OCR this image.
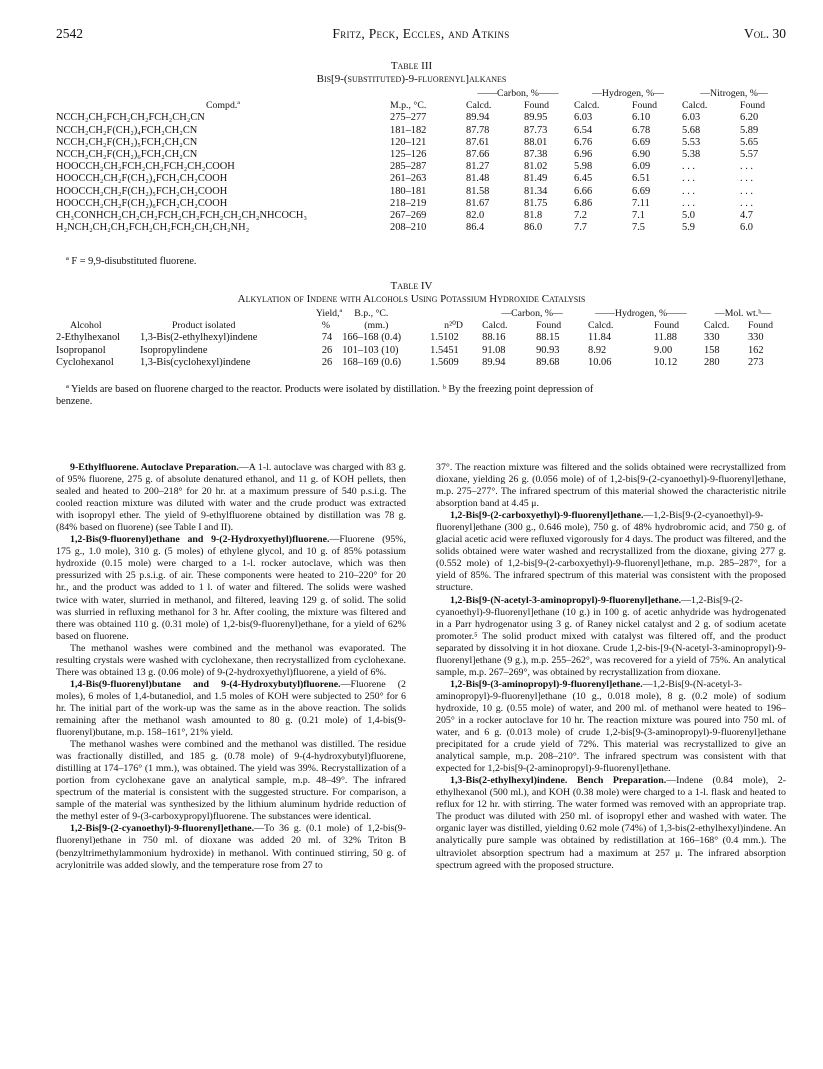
2542	Fritz, Peck, Eccles, and Atkins	Vol. 30
Table III
Bis[9-(substituted)-9-fluorenyl]alkanes
		——Carbon, %——		—Hydrogen, %—		—Nitrogen, %—	
Compd.ª	M.p., °C.	Calcd.	Found	Calcd.	Found	Calcd.	Found
NCCH₂CH₂FCH₂CH₂FCH₂CH₂CN	275–277	89.94	89.95	6.03	6.10	6.03	6.20
NCCH₂CH₂F(CH₂)₄FCH₂CH₂CN	181–182	87.78	87.73	6.54	6.78	5.68	5.89
NCCH₂CH₂F(CH₂)₅FCH₂CH₂CN	120–121	87.61	88.01	6.76	6.69	5.53	5.65
NCCH₂CH₂F(CH₂)₆FCH₂CH₂CN	125–126	87.66	87.38	6.96	6.90	5.38	5.57
HOOCCH₂CH₂FCH₂CH₂FCH₂CH₂COOH	285–287	81.27	81.02	5.98	6.09	. . .	. . .
HOOCCH₂CH₂F(CH₂)₄FCH₂CH₂COOH	261–263	81.48	81.49	6.45	6.51	. . .	. . .
HOOCCH₂CH₂F(CH₂)₅FCH₂CH₂COOH	180–181	81.58	81.34	6.66	6.69	. . .	. . .
HOOCCH₂CH₂F(CH₂)₆FCH₂CH₂COOH	218–219	81.67	81.75	6.86	7.11	. . .	. . .
CH₃CONHCH₂CH₂CH₂FCH₂CH₂FCH₂CH₂CH₂NHCOCH₃	267–269	82.0	81.8	7.2	7.1	5.0	4.7
H₂NCH₂CH₂CH₂FCH₂CH₂FCH₂CH₂CH₂NH₂	208–210	86.4	86.0	7.7	7.5	5.9	6.0
ª F = 9,9-disubstituted fluorene.
Table IV
Alkylation of Indene with Alcohols Using Potassium Hydroxide Catalysis
		Yield,ª	B.p., °C.		—Carbon, %—		——Hydrogen, %——		—Mol. wt.ᵇ—	
Alcohol	Product isolated	%	(mm.)	n²⁰D	Calcd.	Found	Calcd.	Found	Calcd.	Found
2-Ethylhexanol	1,3-Bis(2-ethylhexyl)indene	74	166–168 (0.4)	1.5102	88.16	88.15	11.84	11.88	330	330
Isopropanol	Isopropylindene	26	101–103 (10)	1.5451	91.08	90.93	8.92	9.00	158	162
Cyclohexanol	1,3-Bis(cyclohexyl)indene	26	168–169 (0.6)	1.5609	89.94	89.68	10.06	10.12	280	273
ª Yields are based on fluorene charged to the reactor. Products were isolated by distillation. ᵇ By the freezing point depression of
benzene.

9-Ethylfluorene. Autoclave Preparation.—A 1-l. autoclave was charged with 83 g. of 95% fluorene, 275 g. of absolute denatured ethanol, and 11 g. of KOH pellets, then sealed and heated to 200–218° for 20 hr. at a maximum pressure of 540 p.s.i.g. The cooled reaction mixture was diluted with water and the crude product was extracted with isopropyl ether. The yield of 9-ethylfluorene obtained by distillation was 78 g. (84% based on fluorene) (see Table I and II).

1,2-Bis(9-fluorenyl)ethane and 9-(2-Hydroxyethyl)fluorene.—Fluorene (95%, 175 g., 1.0 mole), 310 g. (5 moles) of ethylene glycol, and 10 g. of 85% potassium hydroxide (0.15 mole) were charged to a 1-l. rocker autoclave, which was then pressurized with 25 p.s.i.g. of air. These components were heated to 210–220° for 20 hr., and the product was added to 1 l. of water and filtered. The solids were washed twice with water, slurried in methanol, and filtered, leaving 129 g. of solid. The solid was slurried in refluxing methanol for 3 hr. After cooling, the mixture was filtered and there was obtained 110 g. (0.31 mole) of 1,2-bis(9-fluorenyl)ethane, for a yield of 62% based on fluorene.

The methanol washes were combined and the methanol was evaporated. The resulting crystals were washed with cyclohexane, then recrystallized from cyclohexane. There was obtained 13 g. (0.06 mole) of 9-(2-hydroxyethyl)fluorene, a yield of 6%.

1,4-Bis(9-fluorenyl)butane and 9-(4-Hydroxybutyl)fluorene.—Fluorene (2 moles), 6 moles of 1,4-butanediol, and 1.5 moles of KOH were subjected to 250° for 6 hr. The initial part of the work-up was the same as in the above reaction. The solids remaining after the methanol wash amounted to 80 g. (0.21 mole) of 1,4-bis(9-fluorenyl)butane, m.p. 158–161°, 21% yield.

The methanol washes were combined and the methanol was distilled. The residue was fractionally distilled, and 185 g. (0.78 mole) of 9-(4-hydroxybutyl)fluorene, distilling at 174–176° (1 mm.), was obtained. The yield was 39%. Recrystallization of a portion from cyclohexane gave an analytical sample, m.p. 48–49°. The infrared spectrum of the material is consistent with the suggested structure. For comparison, a sample of the material was synthesized by the lithium aluminum hydride reduction of the methyl ester of 9-(3-carboxypropyl)fluorene. The substances were identical.

1,2-Bis[9-(2-cyanoethyl)-9-fluorenyl]ethane.—To 36 g. (0.1 mole) of 1,2-bis(9-fluorenyl)ethane in 750 ml. of dioxane was added 20 ml. of 32% Triton B (benzyltrimethylammonium hydroxide) in methanol. With continued stirring, 50 g. of acrylonitrile was added slowly, and the temperature rose from 27 to

37°. The reaction mixture was filtered and the solids obtained were recrystallized from dioxane, yielding 26 g. (0.056 mole) of of 1,2-bis[9-(2-cyanoethyl)-9-fluorenyl]ethane, m.p. 275–277°. The infrared spectrum of this material showed the characteristic nitrile absorption band at 4.45 μ.

1,2-Bis[9-(2-carboxyethyl)-9-fluorenyl]ethane.—1,2-Bis[9-(2-cyanoethyl)-9-fluorenyl]ethane (300 g., 0.646 mole), 750 g. of 48% hydrobromic acid, and 750 g. of glacial acetic acid were refluxed vigorously for 4 days. The product was filtered, and the solids obtained were water washed and recrystallized from the dioxane, giving 277 g. (0.552 mole) of 1,2-bis[9-(2-carboxyethyl)-9-fluorenyl]ethane, m.p. 285–287°, for a yield of 85%. The infrared spectrum of this material was consistent with the proposed structure.

1,2-Bis[9-(N-acetyl-3-aminopropyl)-9-fluorenyl]ethane.—1,2-Bis[9-(2-cyanoethyl)-9-fluorenyl]ethane (10 g.) in 100 g. of acetic anhydride was hydrogenated in a Parr hydrogenator using 3 g. of Raney nickel catalyst and 2 g. of sodium acetate promoter.⁵ The solid product mixed with catalyst was filtered off, and the product separated by dissolving it in hot dioxane. Crude 1,2-bis-[9-(N-acetyl-3-aminopropyl)-9-fluorenyl]ethane (9 g.), m.p. 255–262°, was recovered for a yield of 75%. An analytical sample, m.p. 267–269°, was obtained by recrystallization from dioxane.

1,2-Bis[9-(3-aminopropyl)-9-fluorenyl]ethane.—1,2-Bis[9-(N-acetyl-3-aminopropyl)-9-fluorenyl]ethane (10 g., 0.018 mole), 8 g. (0.2 mole) of sodium hydroxide, 10 g. (0.55 mole) of water, and 200 ml. of methanol were heated to 196–205° in a rocker autoclave for 10 hr. The reaction mixture was poured into 750 ml. of water, and 6 g. (0.013 mole) of crude 1,2-bis[9-(3-aminopropyl)-9-fluorenyl]ethane precipitated for a crude yield of 72%. This material was recrystallized to give an analytical sample, m.p. 208–210°. The infrared spectrum was consistent with that expected for 1,2-bis[9-(2-aminopropyl)-9-fluorenyl]ethane.

1,3-Bis(2-ethylhexyl)indene. Bench Preparation.—Indene (0.84 mole), 2-ethylhexanol (500 ml.), and KOH (0.38 mole) were charged to a 1-l. flask and heated to reflux for 12 hr. with stirring. The water formed was removed with an appropriate trap. The product was diluted with 250 ml. of isopropyl ether and washed with water. The organic layer was distilled, yielding 0.62 mole (74%) of 1,3-bis(2-ethylhexyl)indene. An analytically pure sample was obtained by redistillation at 166–168° (0.4 mm.). The ultraviolet absorption spectrum had a maximum at 257 μ. The infrared absorption spectrum agreed with the proposed structure.
